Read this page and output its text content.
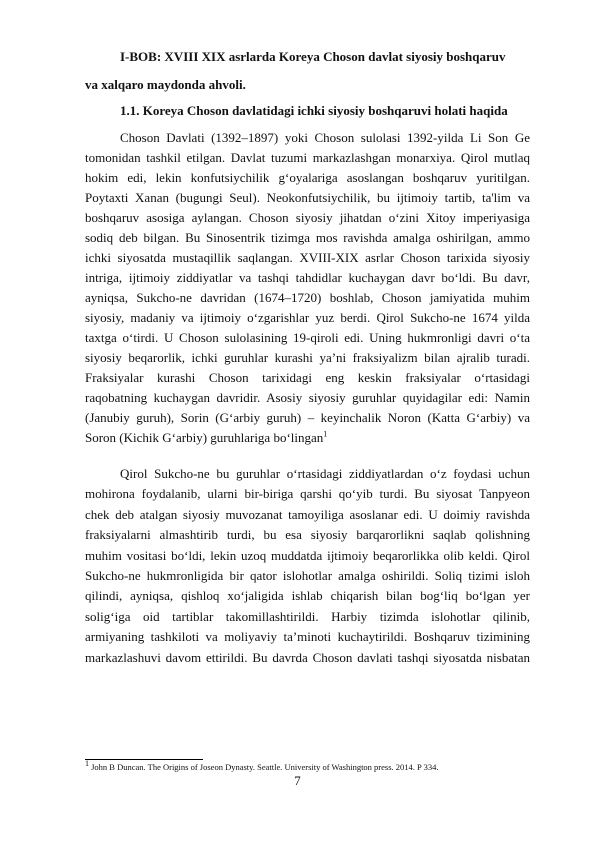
I-BOB: XVIII XIX asrlarda Koreya Choson davlat siyosiy boshqaruv
va xalqaro maydonda ahvoli.
1.1. Koreya Choson davlatidagi ichki siyosiy boshqaruvi holati haqida
Choson Davlati (1392–1897) yoki Choson sulolasi 1392-yilda Li Son Ge
tomonidan tashkil etilgan. Davlat tuzumi markazlashgan monarxiya. Qirol mutlaq
hokim edi, lekin konfutsiychilik g‘oyalariga asoslangan boshqaruv yuritilgan.
Poytaxti Xanan (bugungi Seul). Neokonfutsiychilik, bu ijtimoiy tartib, ta'lim va
boshqaruv asosiga aylangan. Choson siyosiy jihatdan o‘zini Xitoy imperiyasiga
sodiq deb bilgan. Bu Sinosentrik tizimga mos ravishda amalga oshirilgan, ammo
ichki siyosatda mustaqillik saqlangan. XVIII-XIX asrlar Choson tarixida siyosiy
intriga, ijtimoiy ziddiyatlar va tashqi tahdidlar kuchaygan davr bo‘ldi. Bu davr,
ayniqsa, Sukcho-ne davridan (1674–1720) boshlab, Choson jamiyatida muhim
siyosiy, madaniy va ijtimoiy o‘zgarishlar yuz berdi. Qirol Sukcho-ne 1674 yilda
taxtga o‘tirdi. U Choson sulolasining 19-qiroli edi. Uning hukmronligi davri o‘ta
siyosiy beqarorlik, ichki guruhlar kurashi ya’ni fraksiyalizm bilan ajralib turadi.
Fraksiyalar kurashi Choson tarixidagi eng keskin fraksiyalar o‘rtasidagi
raqobatning kuchaygan davridir. Asosiy siyosiy guruhlar quyidagilar edi: Namin
(Janubiy guruh), Sorin (G‘arbiy guruh) – keyinchalik Noron (Katta G‘arbiy) va
Soron (Kichik G‘arbiy) guruhlariga bo‘lingan$^1$
Qirol Sukcho-ne bu guruhlar o‘rtasidagi ziddiyatlardan o‘z foydasi uchun
mohirona foydalanib, ularni bir-biriga qarshi qo‘yib turdi. Bu siyosat Tanpyeon
chek deb atalgan siyosiy muvozanat tamoyiliga asoslanar edi. U doimiy ravishda
fraksiyalarni almashtirib turdi, bu esa siyosiy barqarorlikni saqlab qolishning
muhim vositasi bo‘ldi, lekin uzoq muddatda ijtimoiy beqarorlikka olib keldi. Qirol
Sukcho-ne hukmronligida bir qator islohotlar amalga oshirildi. Soliq tizimi isloh
qilindi, ayniqsa, qishloq xo‘jaligida ishlab chiqarish bilan bog‘liq bo‘lgan yer
solig‘iga oid tartiblar takomillashtirildi. Harbiy tizimda islohotlar qilinib,
armiyaning tashkiloti va moliyaviy ta’minoti kuchaytirildi. Boshqaruv tizimining
markazlashuvi davom ettirildi. Bu davrda Choson davlati tashqi siyosatda nisbatan
$^1$ John B Duncan. The Origins of Joseon Dynasty. Seattle. University of Washington press. 2014. P 334.
7
